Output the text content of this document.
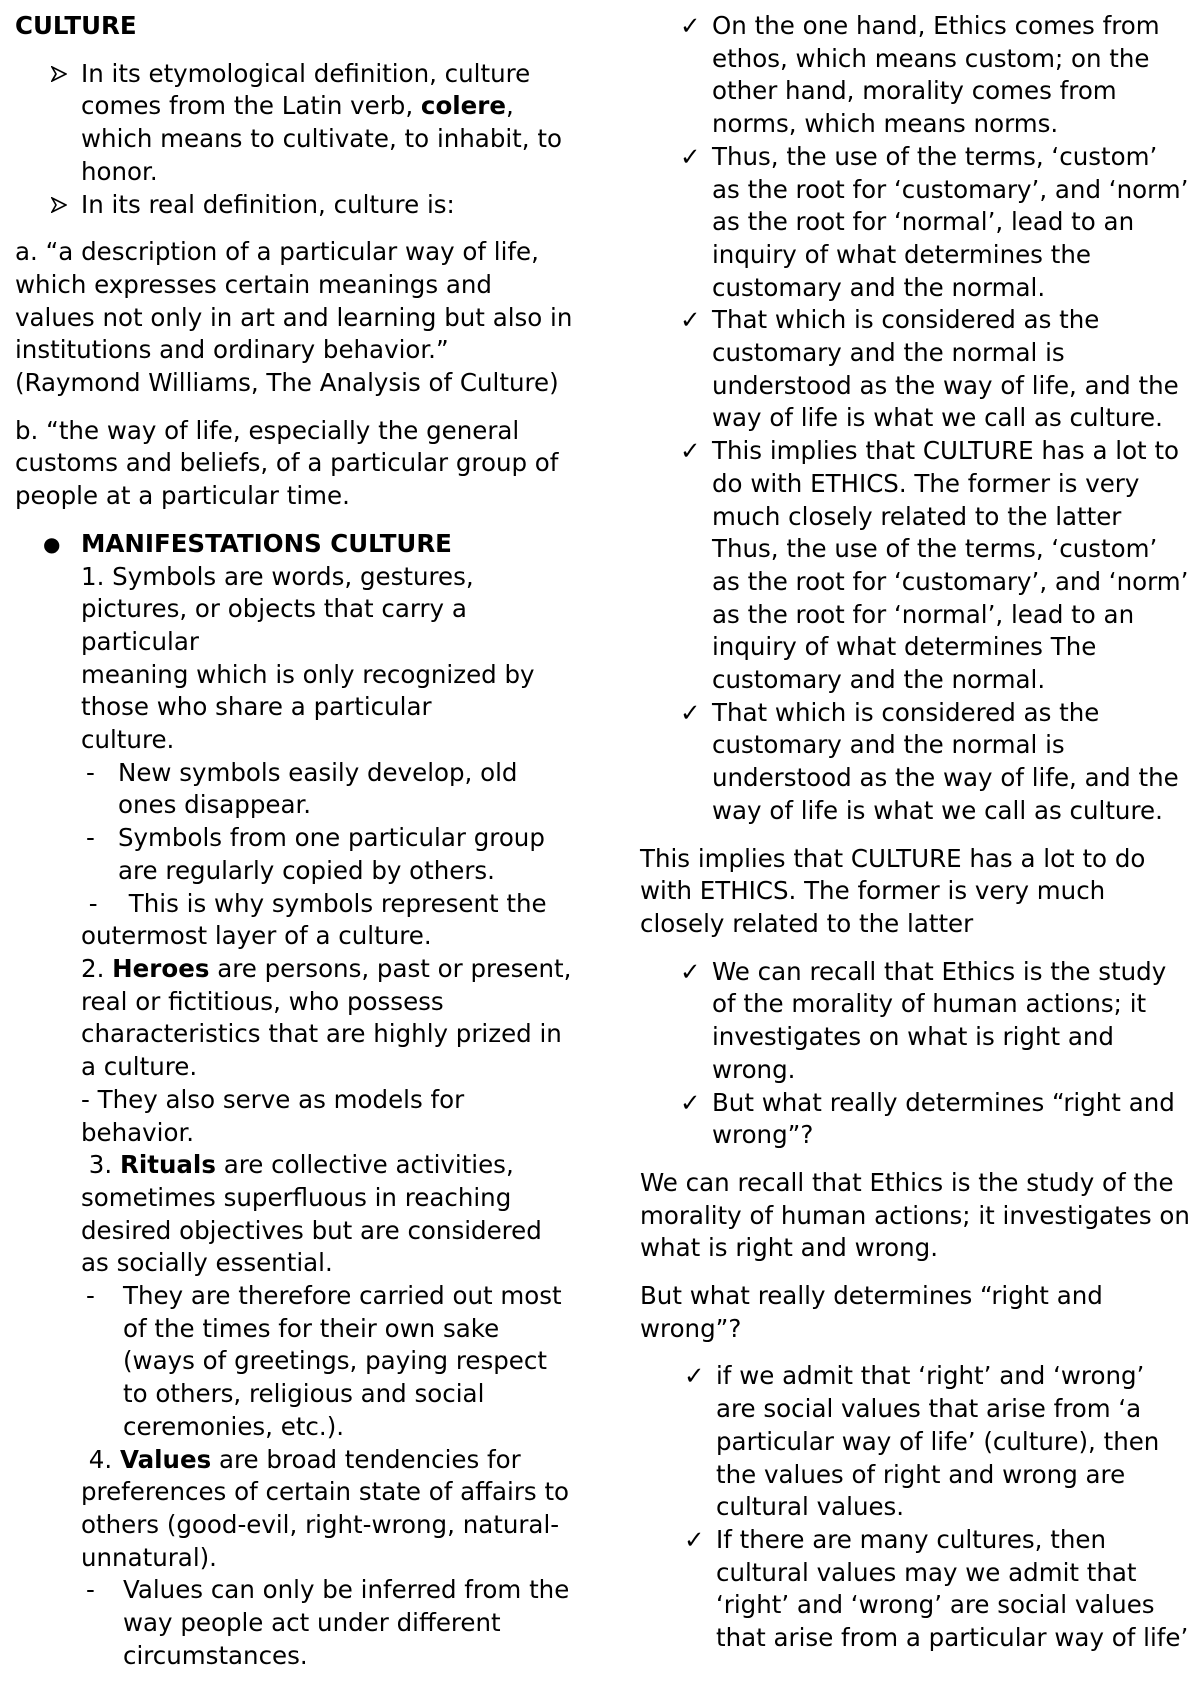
CULTURE

In its etymological definition, culture comes from the Latin verb, colere, which means to cultivate, to inhabit, to honor.
In its real definition, culture is:

a. “a description of a particular way of life, which expresses certain meanings and values not only in art and learning but also in institutions and ordinary behavior.” (Raymond Williams, The Analysis of Culture)

b. “the way of life, especially the general customs and beliefs, of a particular group of people at a particular time.

● MANIFESTATIONS CULTURE

1. Symbols are words, gestures, pictures, or objects that carry a particular

meaning which is only recognized by those who share a particular

culture.

- New symbols easily develop, old ones disappear.
- Symbols from one particular group are regularly copied by others.

-    This is why symbols represent the outermost layer of a culture.

2. Heroes are persons, past or present, real or fictitious, who possess characteristics that are highly prized in a culture.

- They also serve as models for behavior.

3. Rituals are collective activities, sometimes superfluous in reaching desired objectives but are considered as socially essential.

- They are therefore carried out most of the times for their own sake (ways of greetings, paying respect to others, religious and social ceremonies, etc.).

4. Values are broad tendencies for preferences of certain state of affairs to others (good-evil, right-wrong, natural-unnatural).

- Values can only be inferred from the way people act under different circumstances.
✓ On the one hand, Ethics comes from ethos, which means custom; on the other hand, morality comes from norms, which means norms.
✓ Thus, the use of the terms, ‘custom’ as the root for ‘customary’, and ‘norm’ as the root for ‘normal’, lead to an inquiry of what determines the customary and the normal.
✓ That which is considered as the customary and the normal is understood as the way of life, and the way of life is what we call as culture.
✓ This implies that CULTURE has a lot to do with ETHICS. The former is very much closely related to the latter Thus, the use of the terms, ‘custom’ as the root for ‘customary’, and ‘norm’ as the root for ‘normal’, lead to an inquiry of what determines The customary and the normal.
✓ That which is considered as the customary and the normal is understood as the way of life, and the way of life is what we call as culture.

This implies that CULTURE has a lot to do with ETHICS. The former is very much closely related to the latter

✓ We can recall that Ethics is the study of the morality of human actions; it investigates on what is right and wrong.
✓ But what really determines “right and wrong”?

We can recall that Ethics is the study of the morality of human actions; it investigates on what is right and wrong.

But what really determines “right and wrong”?

✓ if we admit that ‘right’ and ‘wrong’ are social values that arise from ‘a particular way of life’ (culture), then the values of right and wrong are cultural values.
✓ If there are many cultures, then cultural values may we admit that ‘right’ and ‘wrong’ are social values that arise from a particular way of life’
